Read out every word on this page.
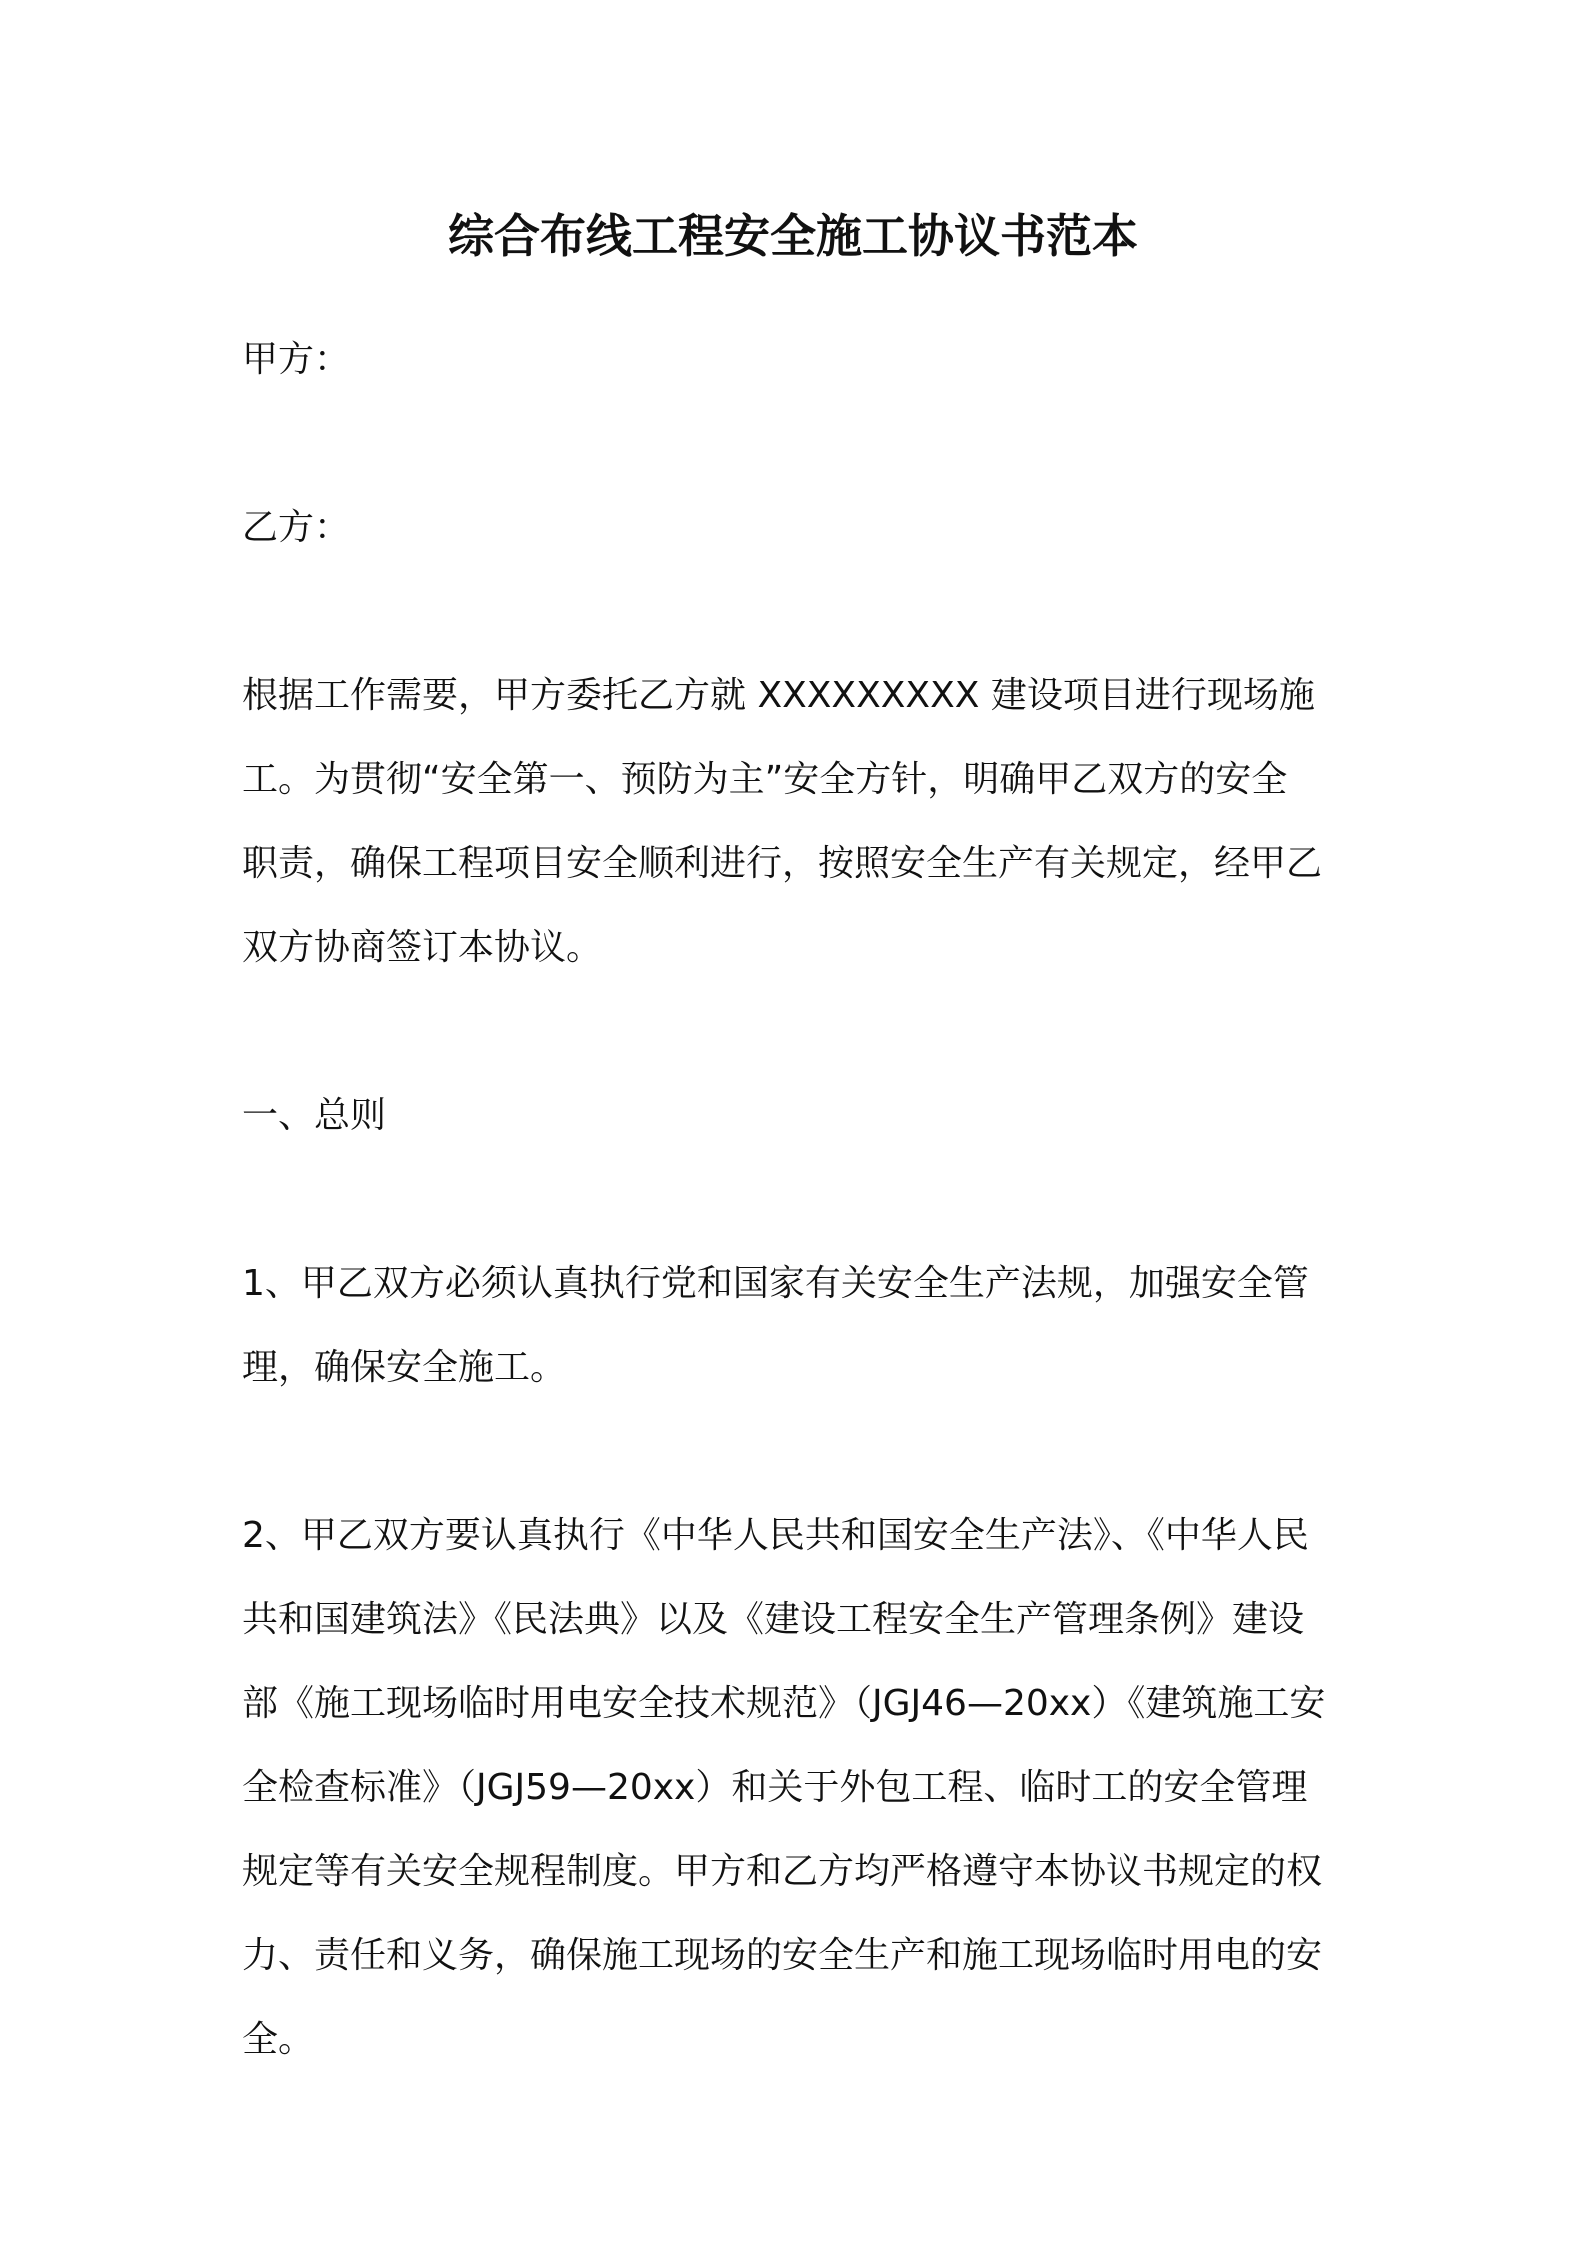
综合布线工程安全施工协议书范本

甲方：

乙方：

根据工作需要，甲方委托乙方就 XXXXXXXXX 建设项目进行现场施

工。为贯彻“安全第一、预防为主”安全方针，明确甲乙双方的安全

职责，确保工程项目安全顺利进行，按照安全生产有关规定，经甲乙

双方协商签订本协议。

一、总则

1、甲乙双方必须认真执行党和国家有关安全生产法规，加强安全管

理，确保安全施工。

2、甲乙双方要认真执行《中华人民共和国安全生产法》、《中华人民

共和国建筑法》《民法典》以及《建设工程安全生产管理条例》建设

部《施工现场临时用电安全技术规范》（JGJ46—20xx）《建筑施工安

全检查标准》（JGJ59—20xx）和关于外包工程、临时工的安全管理

规定等有关安全规程制度。甲方和乙方均严格遵守本协议书规定的权

力、责任和义务，确保施工现场的安全生产和施工现场临时用电的安

全。
